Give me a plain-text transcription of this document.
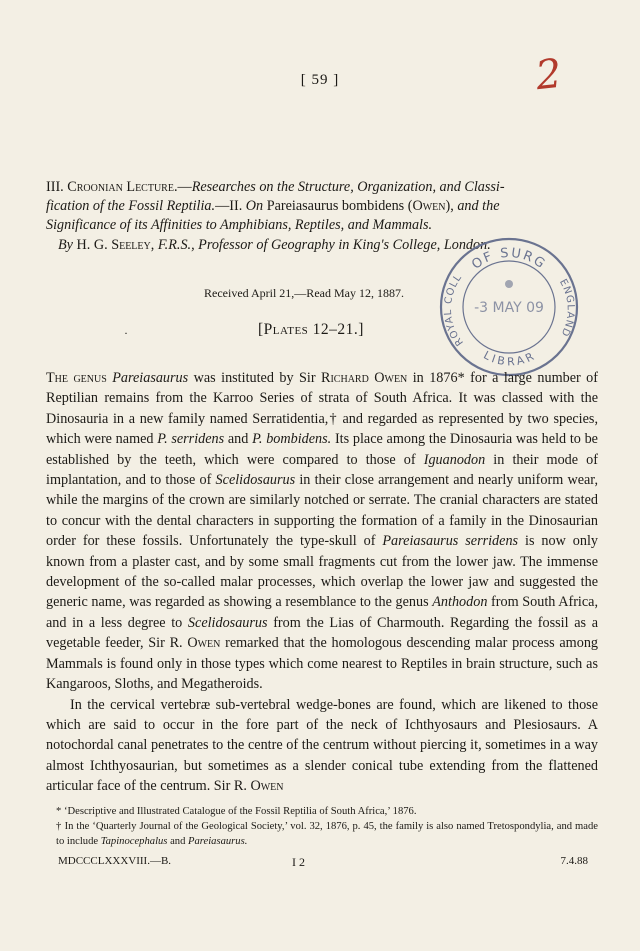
[ 59 ]	2
III. Croonian Lecture.—Researches on the Structure, Organization, and Classi-
fication of the Fossil Reptilia.—II. On Pareiasaurus bombidens (Owen), and the
Significance of its Affinities to Amphibians, Reptiles, and Mammals.
By H. G. Seeley, F.R.S., Professor of Geography in King's College, London.
Received April 21,—Read May 12, 1887.
·	[Plates 12–21.]
OF SURG
ROYAL COLL	ENGLAND
LIBRAR
-3 MAY 09

The genus Pareiasaurus was instituted by Sir Richard Owen in 1876* for a large number of Reptilian remains from the Karroo Series of strata of South Africa. It was classed with the Dinosauria in a new family named Serratidentia,† and regarded as represented by two species, which were named P. serridens and P. bombidens. Its place among the Dinosauria was held to be established by the teeth, which were compared to those of Iguanodon in their mode of implantation, and to those of Scelidosaurus in their close arrangement and nearly uniform wear, while the margins of the crown are similarly notched or serrate. The cranial characters are stated to concur with the dental characters in supporting the formation of a family in the Dinosaurian order for these fossils. Unfortunately the type-skull of Pareiasaurus serridens is now only known from a plaster cast, and by some small fragments cut from the lower jaw. The immense development of the so-called malar processes, which overlap the lower jaw and suggested the generic name, was regarded as showing a resemblance to the genus Anthodon from South Africa, and in a less degree to Scelidosaurus from the Lias of Charmouth. Regarding the fossil as a vegetable feeder, Sir R. Owen remarked that the homologous descending malar process among Mammals is found only in those types which come nearest to Reptiles in brain structure, such as Kangaroos, Sloths, and Megatheroids.

In the cervical vertebræ sub-vertebral wedge-bones are found, which are likened to those which are said to occur in the fore part of the neck of Ichthyosaurs and Plesiosaurs. A notochordal canal penetrates to the centre of the centrum without piercing it, sometimes in a way almost Ichthyosaurian, but sometimes as a slender conical tube extending from the flattened articular face of the centrum. Sir R. Owen

* ‘Descriptive and Illustrated Catalogue of the Fossil Reptilia of South Africa,’ 1876.

† In the ‘Quarterly Journal of the Geological Society,’ vol. 32, 1876, p. 45, the family is also named Tretospondylia, and made to include Tapinocephalus and Pareiasaurus.

MDCCCLXXXVIII.—B.	I 2	7.4.88
